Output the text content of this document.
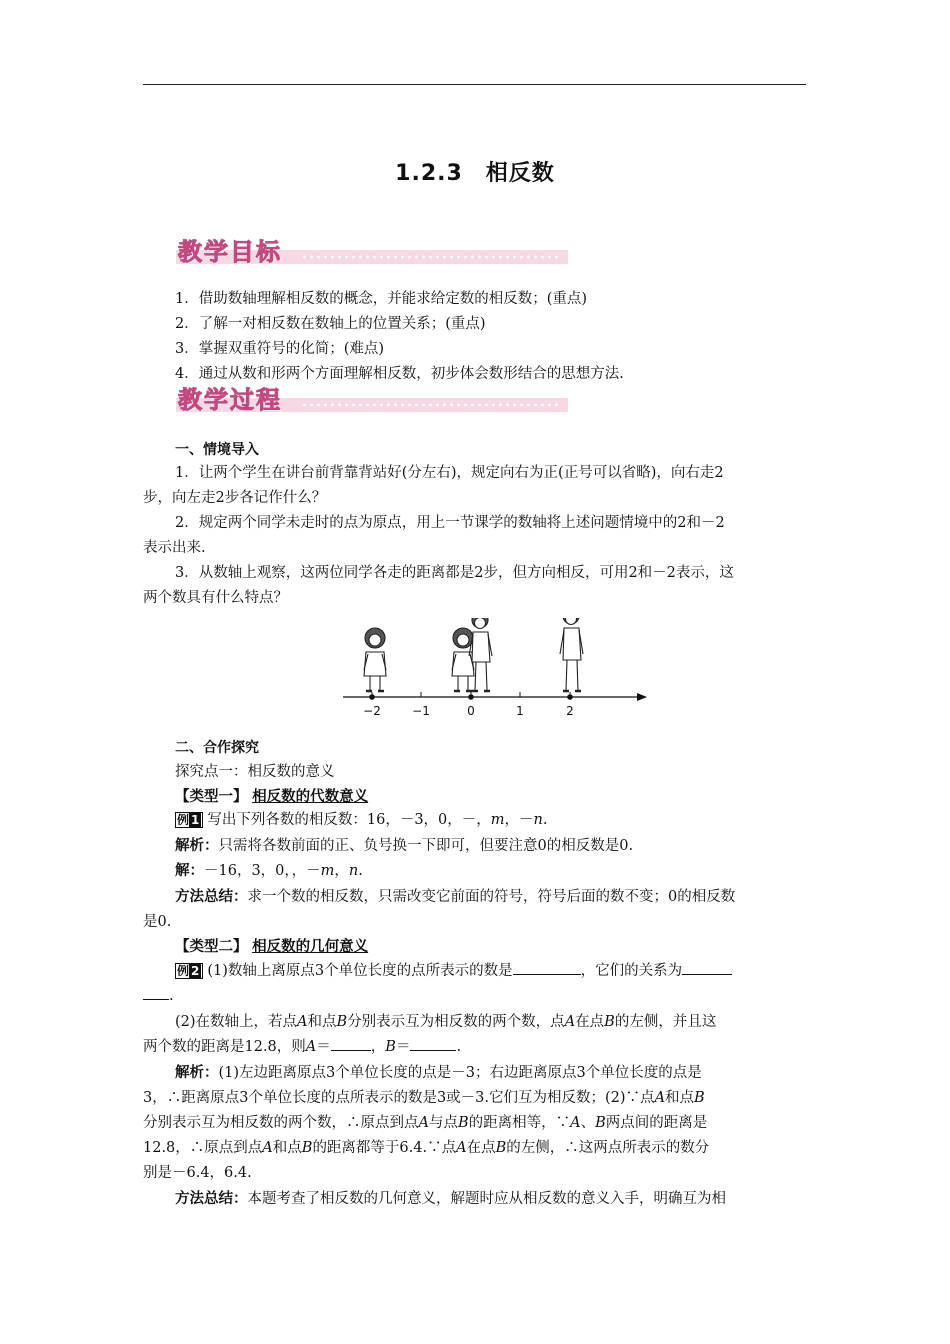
1.2.3　相反数
教学目标
1．借助数轴理解相反数的概念，并能求给定数的相反数；(重点)
2．了解一对相反数在数轴上的位置关系；(重点)
3．掌握双重符号的化简；(难点)
4．通过从数和形两个方面理解相反数，初步体会数形结合的思想方法.
教学过程
一、情境导入
1．让两个学生在讲台前背靠背站好(分左右)，规定向右为正(正号可以省略)，向右走2
步，向左走2步各记作什么？
2．规定两个同学未走时的点为原点，用上一节课学的数轴将上述问题情境中的2和－2
表示出来.
3．从数轴上观察，这两位同学各走的距离都是2步，但方向相反，可用2和－2表示，这
两个数具有什么特点？
−2	−1	0	1	2
二、合作探究
探究点一：相反数的意义
【类型一】 相反数的代数意义
例 1 写出下列各数的相反数：16，－3，0，－，m，－n.
解析：只需将各数前面的正、负号换一下即可，但要注意0的相反数是0.
解：－16，3，0，，－m，n.
方法总结：求一个数的相反数，只需改变它前面的符号，符号后面的数不变；0的相反数
是0.
【类型二】 相反数的几何意义
例 2 (1)数轴上离原点3个单位长度的点所表示的数是	，它们的关系为
.
(2)在数轴上，若点A和点B分别表示互为相反数的两个数，点A在点B的左侧，并且这
两个数的距离是12.8，则A＝	，B＝	.
解析：(1)左边距离原点3个单位长度的点是－3；右边距离原点3个单位长度的点是
3，∴距离原点3个单位长度的点所表示的数是3或－3.它们互为相反数；(2)∵点A和点B
分别表示互为相反数的两个数，∴原点到点A与点B的距离相等，∵A、B两点间的距离是
12.8，∴原点到点A和点B的距离都等于6.4.∵点A在点B的左侧，∴这两点所表示的数分
别是－6.4，6.4.
方法总结：本题考查了相反数的几何意义，解题时应从相反数的意义入手，明确互为相
